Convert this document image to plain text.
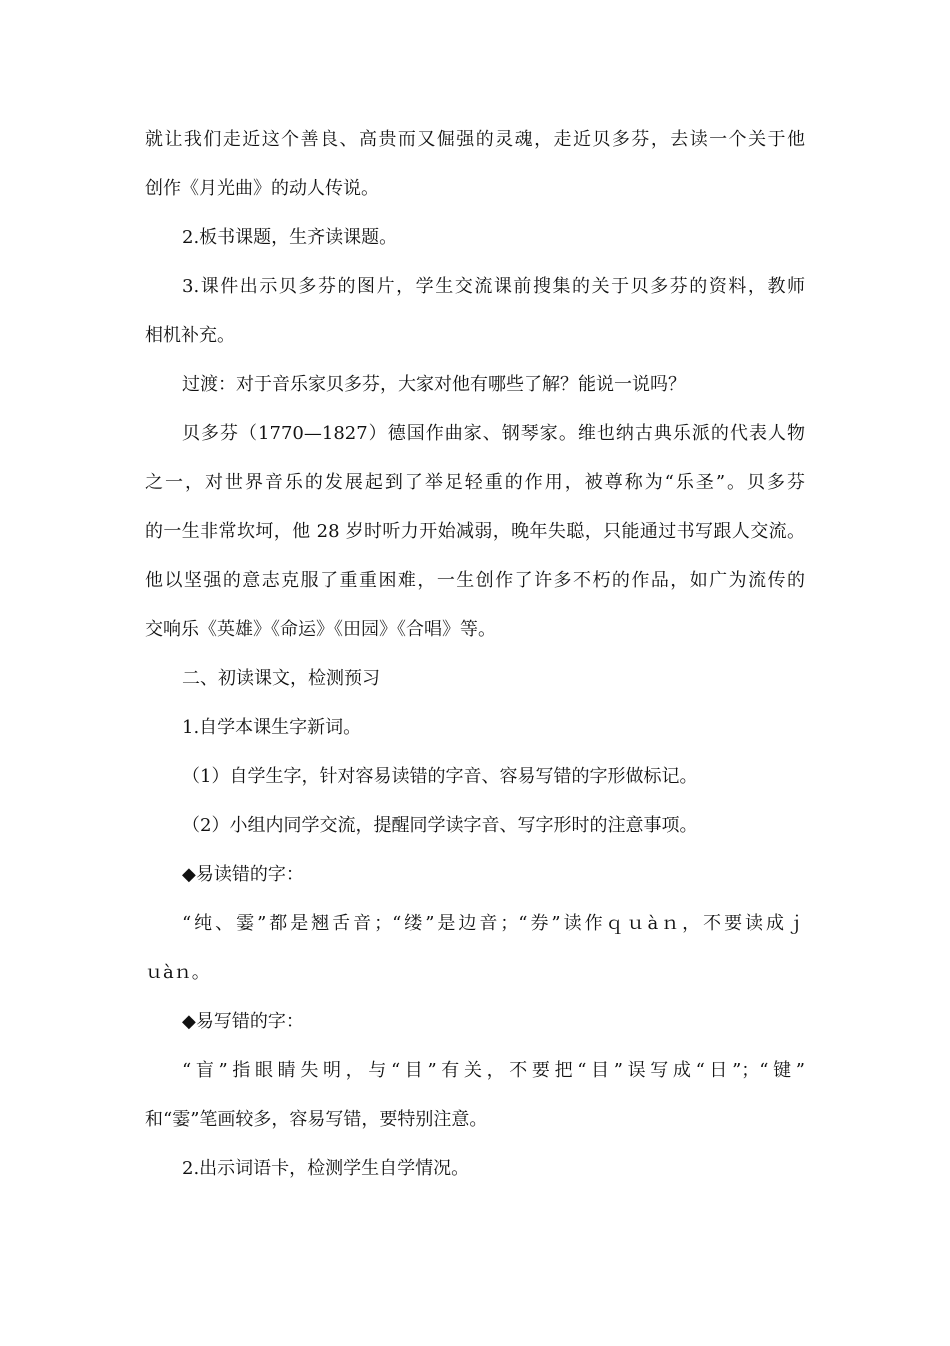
就让我们走近这个善良、高贵而又倔强的灵魂，走近贝多芬，去读一个关于他
创作《月光曲》的动人传说。
2.板书课题，生齐读课题。
3.课件出示贝多芬的图片，学生交流课前搜集的关于贝多芬的资料，教师
相机补充。
过渡：对于音乐家贝多芬，大家对他有哪些了解？能说一说吗？
贝多芬（1770—1827）德国作曲家、钢琴家。维也纳古典乐派的代表人物
之一，对世界音乐的发展起到了举足轻重的作用，被尊称为“乐圣”。贝多芬
的一生非常坎坷，他 28 岁时听力开始减弱，晚年失聪，只能通过书写跟人交流。
他以坚强的意志克服了重重困难，一生创作了许多不朽的作品，如广为流传的
交响乐《英雄》《命运》《田园》《合唱》等。
二、初读课文，检测预习
1.自学本课生字新词。
（1）自学生字，针对容易读错的字音、容易写错的字形做标记。
（2）小组内同学交流，提醒同学读字音、写字形时的注意事项。
◆易读错的字：
“纯、霎”都是翘舌音；“缕”是边音；“券”读作ｑｕàｎ，不要读成ｊ
ｕàｎ。
◆易写错的字：
“盲”指眼睛失明，与“目”有关，不要把“目”误写成“日”；“键”
和“霎”笔画较多，容易写错，要特别注意。
2.出示词语卡，检测学生自学情况。
